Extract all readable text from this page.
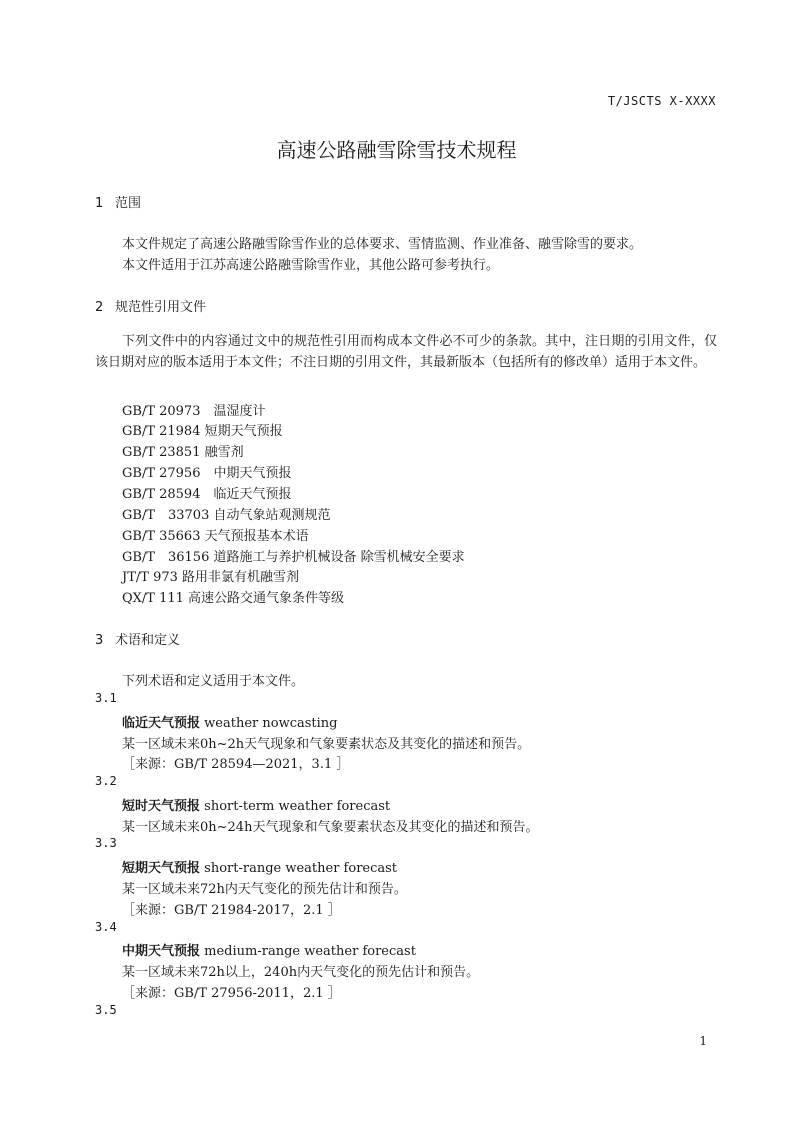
T/JSCTS X-XXXX
高速公路融雪除雪技术规程
1 范围
本文件规定了高速公路融雪除雪作业的总体要求、雪情监测、作业准备、融雪除雪的要求。
本文件适用于江苏高速公路融雪除雪作业，其他公路可参考执行。
2 规范性引用文件
下列文件中的内容通过文中的规范性引用而构成本文件必不可少的条款。其中，注日期的引用文件，仅该日期对应的版本适用于本文件；不注日期的引用文件，其最新版本（包括所有的修改单）适用于本文件。
GB/T 20973　温湿度计
GB/T 21984 短期天气预报
GB/T 23851 融雪剂
GB/T 27956　中期天气预报
GB/T 28594　临近天气预报
GB/T　33703 自动气象站观测规范
GB/T 35663 天气预报基本术语
GB/T　36156 道路施工与养护机械设备 除雪机械安全要求
JT/T 973 路用非氯有机融雪剂
QX/T 111 高速公路交通气象条件等级
3 术语和定义
下列术语和定义适用于本文件。
3.1
临近天气预报 weather nowcasting
某一区域未来0h~2h天气现象和气象要素状态及其变化的描述和预告。
［来源：GB/T 28594—2021，3.1 ］
3.2
短时天气预报 short-term weather forecast
某一区域未来0h~24h天气现象和气象要素状态及其变化的描述和预告。
3.3
短期天气预报 short-range weather forecast
某一区域未来72h内天气变化的预先估计和预告。
［来源：GB/T 21984-2017，2.1 ］
3.4
中期天气预报 medium-range weather forecast
某一区域未来72h以上，240h内天气变化的预先估计和预告。
［来源：GB/T 27956-2011，2.1 ］
3.5
1
